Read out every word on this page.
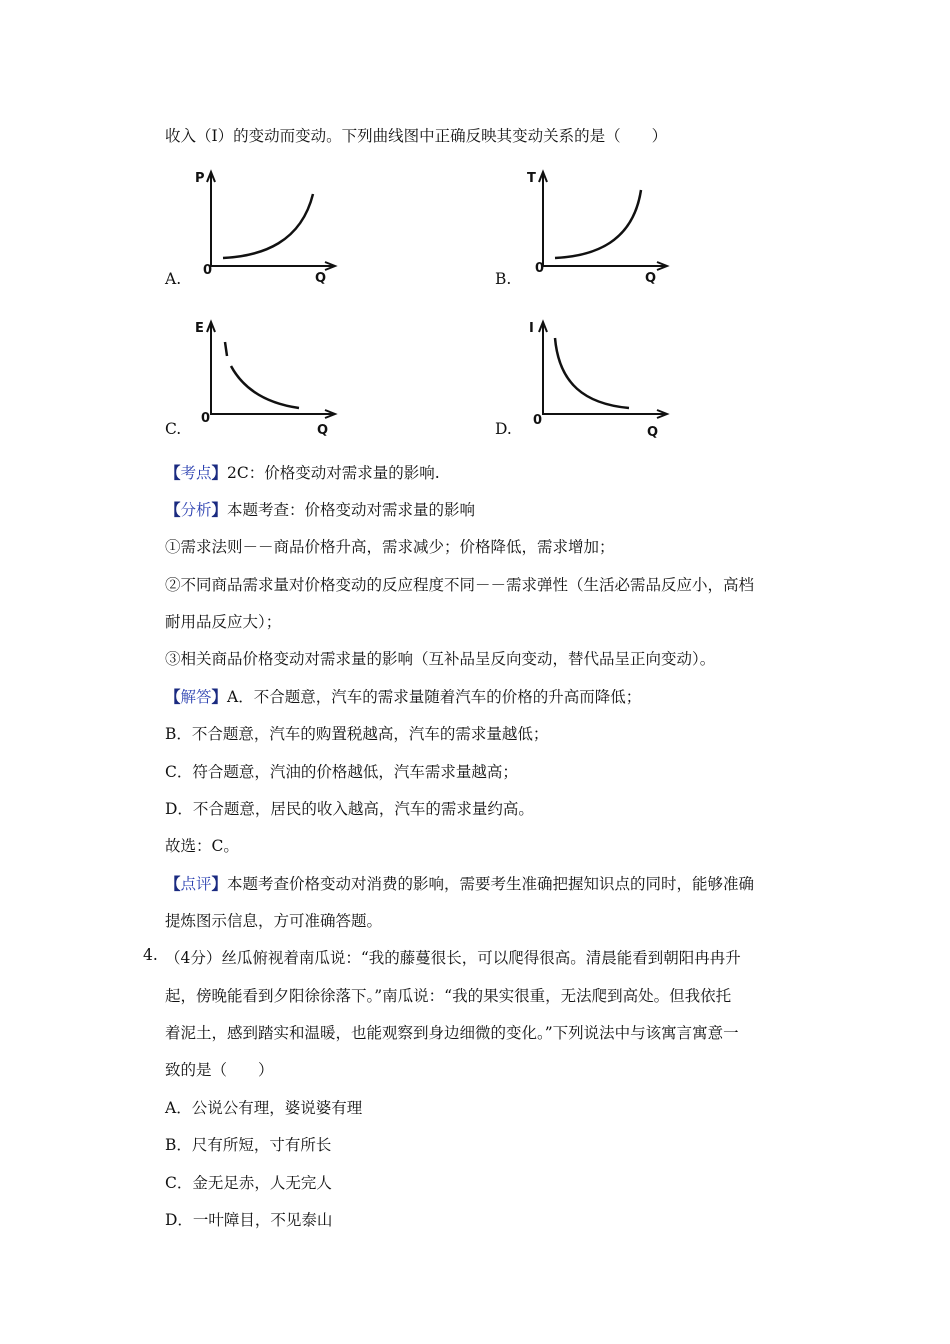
收入（I）的变动而变动。下列曲线图中正确反映其变动关系的是（　　）
A.
P
0
Q	B.
T
0
Q
C.
E
0
Q	D.
I
0
Q
【考点】2C：价格变动对需求量的影响.
【分析】本题考查：价格变动对需求量的影响
①需求法则－－商品价格升高，需求减少；价格降低，需求增加；
②不同商品需求量对价格变动的反应程度不同－－需求弹性（生活必需品反应小，高档
耐用品反应大）；
③相关商品价格变动对需求量的影响（互补品呈反向变动，替代品呈正向变动）。
【解答】A．不合题意，汽车的需求量随着汽车的价格的升高而降低；
B．不合题意，汽车的购置税越高，汽车的需求量越低；
C．符合题意，汽油的价格越低，汽车需求量越高；
D．不合题意，居民的收入越高，汽车的需求量约高。
故选：C。
【点评】本题考查价格变动对消费的影响，需要考生准确把握知识点的同时，能够准确
提炼图示信息，方可准确答题。
4. （4分）丝瓜俯视着南瓜说：“我的藤蔓很长，可以爬得很高。清晨能看到朝阳冉冉升
起，傍晚能看到夕阳徐徐落下。”南瓜说：“我的果实很重，无法爬到高处。但我依托
着泥土，感到踏实和温暖，也能观察到身边细微的变化。”下列说法中与该寓言寓意一
致的是（　　）
A．公说公有理，婆说婆有理
B．尺有所短，寸有所长
C．金无足赤，人无完人
D．一叶障目，不见泰山
